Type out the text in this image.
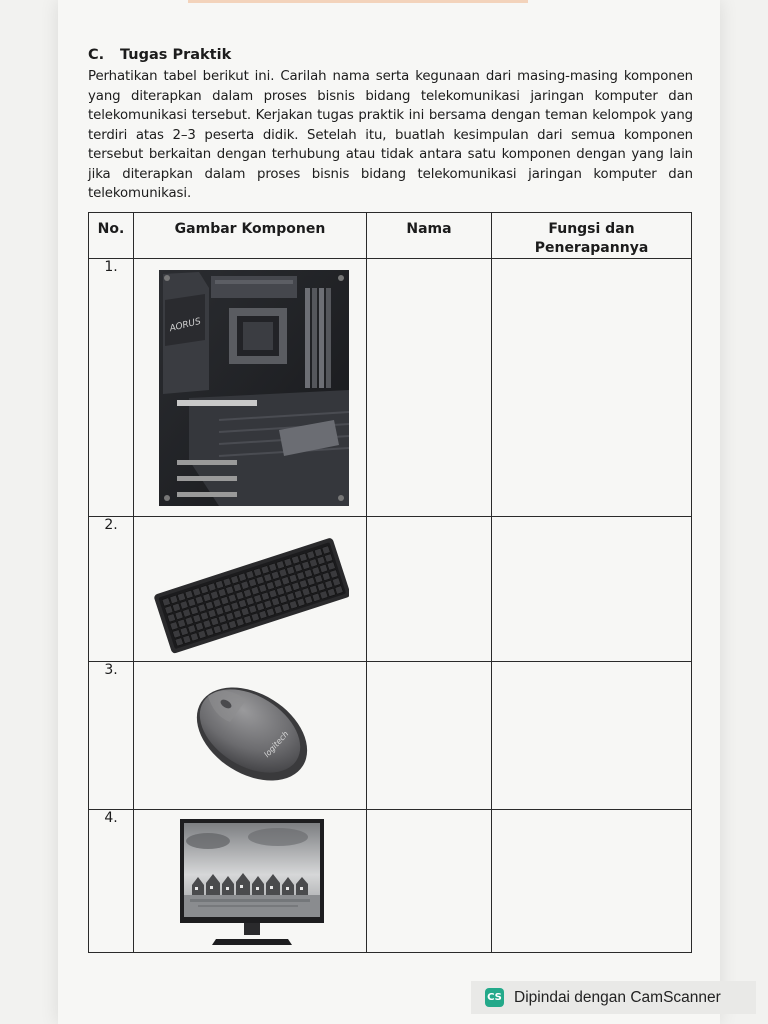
C. Tugas Praktik

Perhatikan tabel berikut ini. Carilah nama serta kegunaan dari masing-masing komponen yang diterapkan dalam proses bisnis bidang telekomunikasi jaringan komputer dan telekomunikasi tersebut. Kerjakan tugas praktik ini bersama dengan teman kelompok yang terdiri atas 2–3 peserta didik. Setelah itu, buatlah kesimpulan dari semua komponen tersebut berkaitan dengan terhubung atau tidak antara satu komponen dengan yang lain jika diterapkan dalam proses bisnis bidang telekomunikasi jaringan komputer dan telekomunikasi.

No.	Gambar Komponen	Nama	Fungsi dan
Penerapannya

1.	AORUS		

2.	

3.	logitech		

4.	

CS Dipindai dengan CamScanner
